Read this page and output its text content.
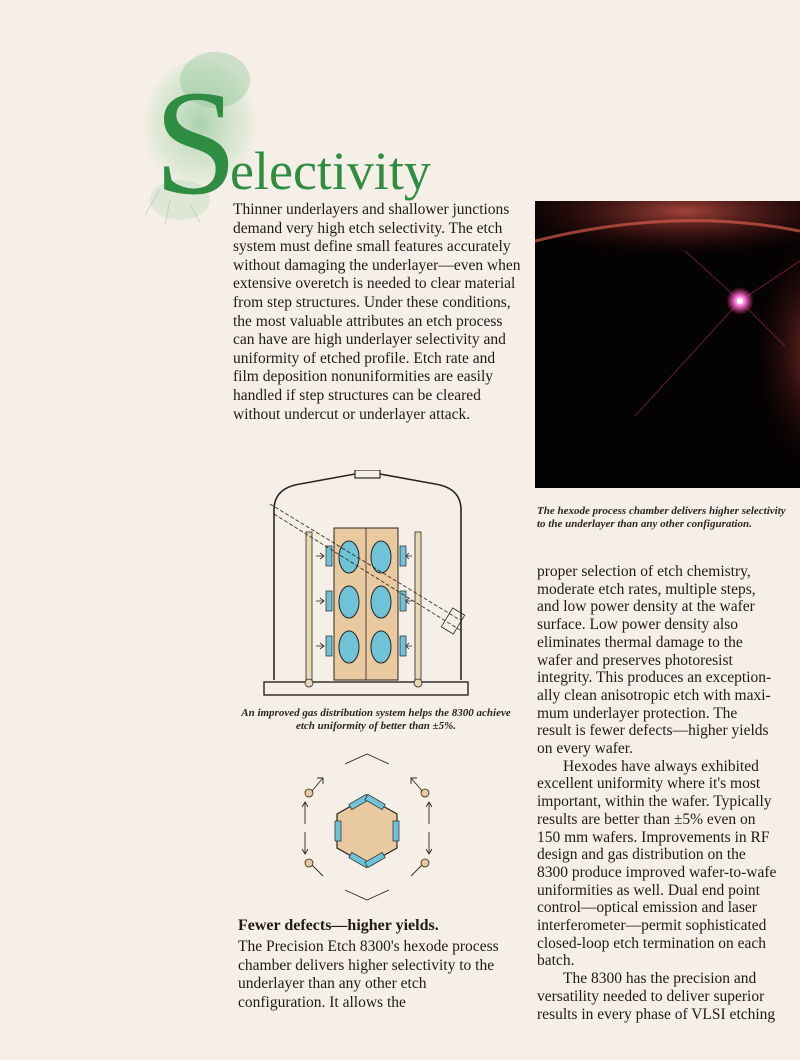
S
electivity

Thinner underlayers and shallower junctions demand very high etch selectivity. The etch system must define small features accurately without damaging the underlayer—even when extensive overetch is needed to clear material from step structures. Under these conditions, the most valuable attributes an etch process can have are high underlayer selectivity and uniformity of etched profile. Etch rate and film deposition nonuniformities are easily handled if step structures can be cleared without undercut or underlayer attack.

The hexode process chamber delivers higher selectivity to the underlayer than any other configuration.

An improved gas distribution system helps the 8300 achieve etch uniformity of better than ±5%.

Fewer defects—higher yields.

The Precision Etch 8300's hexode process chamber delivers higher selectivity to the underlayer than any other etch configuration. It allows the

proper selection of etch chemistry,
moderate etch rates, multiple steps,
and low power density at the wafer
surface. Low power density also
eliminates thermal damage to the
wafer and preserves photoresist
integrity. This produces an exception-
ally clean anisotropic etch with maxi-
mum underlayer protection. The
result is fewer defects—higher yields
on every wafer.

Hexodes have always exhibited
excellent uniformity where it's most
important, within the wafer. Typically
results are better than ±5% even on
150 mm wafers. Improvements in RF
design and gas distribution on the
8300 produce improved wafer-to-wafe
uniformities as well. Dual end point
control—optical emission and laser
interferometer—permit sophisticated
closed-loop etch termination on each
batch.

The 8300 has the precision and
versatility needed to deliver superior
results in every phase of VLSI etching
